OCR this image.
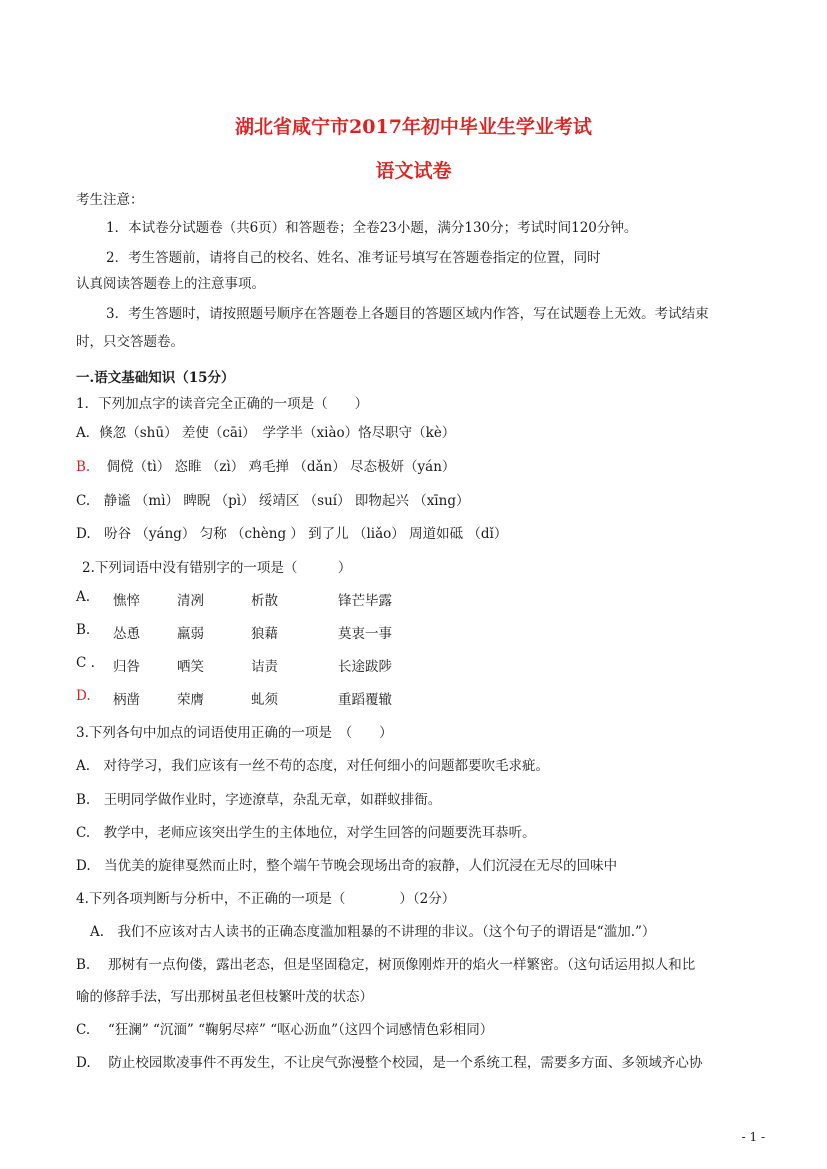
湖北省咸宁市2017年初中毕业生学业考试
语文试卷
考生注意：
1．本试卷分试题卷（共6页）和答题卷；全卷23小题，满分130分；考试时间120分钟。
2．考生答题前，请将自己的校名、姓名、准考证号填写在答题卷指定的位置，同时
认真阅读答题卷上的注意事项。
3．考生答题时，请按照题号顺序在答题卷上各题目的答题区域内作答，写在试题卷上无效。考试结束
时，只交答题卷。
一.语文基础知识（15分）
1．下列加点字的读音完全正确的一项是（　　）
A．倏忽（shū） 差使（cāi）　学学半（xiào）恪尽职守（kè）
B. 倜傥（tì） 恣睢 （zì） 鸡毛掸 （dǎn） 尽态极妍（yán）
C.　静谧 （mì） 睥睨 （pì） 绥靖区 （suí） 即物起兴 （xīng）
D.　吩谷 （yáng） 匀称 （chèng ） 到了儿 （liǎo） 周道如砥 （dǐ）
2.下列词语中没有错别字的一项是（　　　）
A. 憔悴	清冽	析散	锋芒毕露
B. 怂恿	羸弱	狼藉	莫衷一事
C . 归咎	哂笑	诘责	长途跋陟
D. 柄凿	荣膺	虬须	重蹈覆辙
3.下列各句中加点的词语使用正确的一项是　（　　）
A.　对待学习，我们应该有一丝不苟的态度，对任何细小的问题都要吹毛求疵。
B.　王明同学做作业时，字迹潦草，杂乱无章，如群蚁排衙。
C.　教学中，老师应该突出学生的主体地位，对学生回答的问题要洗耳恭听。
D.　当优美的旋律戛然而止时，整个端午节晚会现场出奇的寂静，人们沉浸在无尽的回味中
4.下列各项判断与分析中，不正确的一项是（　　　　）（2分）
A.　我们不应该对古人读书的正确态度滥加粗暴的不讲理的非议。（这个句子的谓语是“滥加.”）
B.　 那树有一点佝偻，露出老态，但是坚固稳定，树顶像刚炸开的焰火一样繁密。（这句话运用拟人和比
喻的修辞手法，写出那树虽老但枝繁叶茂的状态）
C.　 “狂澜” “沉湎” “鞠躬尽瘁” “呕心沥血”（这四个词感情色彩相同）
D.　 防止校园欺凌事件不再发生，不让戾气弥漫整个校园，是一个系统工程，需要多方面、多领域齐心协
- 1 -
